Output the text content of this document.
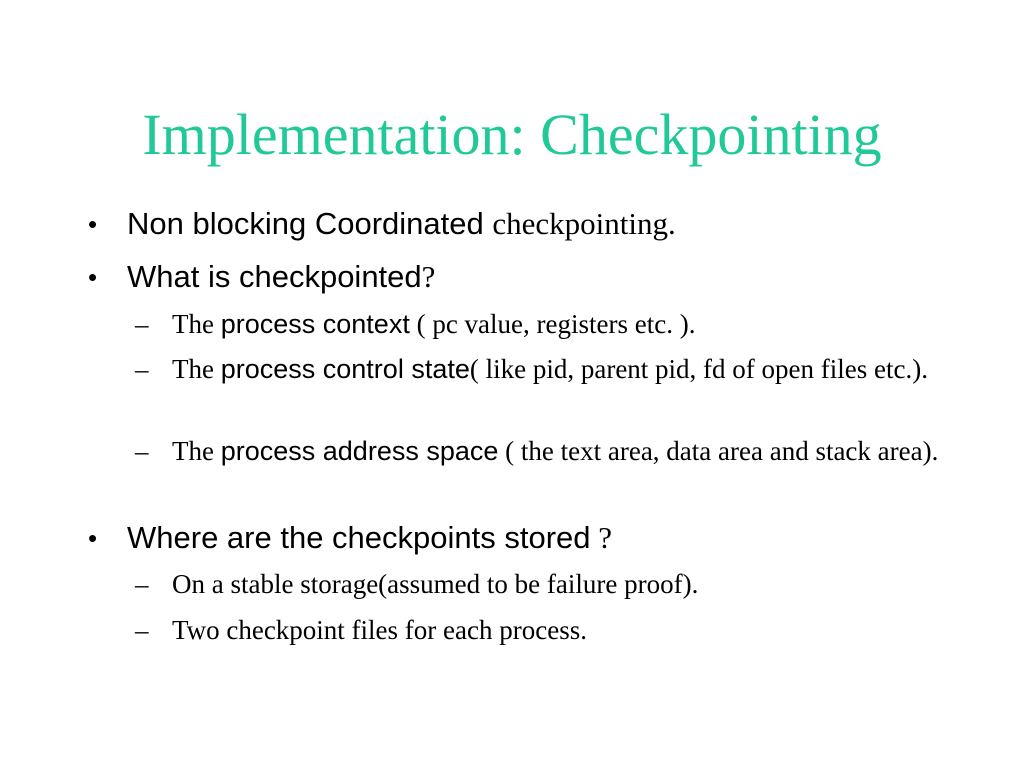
Implementation: Checkpointing
• Non blocking Coordinated checkpointing.
• What is checkpointed?
– The process context ( pc value, registers etc. ).
– The process control state( like pid, parent pid, fd of open files etc.).
– The process address space ( the text area, data area and stack area).
• Where are the checkpoints stored ?
– On a stable storage(assumed to be failure proof).
– Two checkpoint files for each process.
